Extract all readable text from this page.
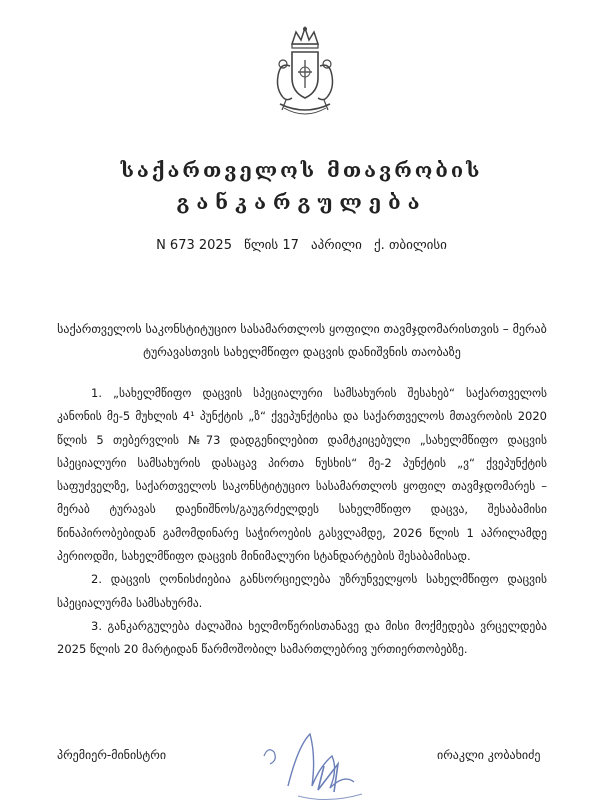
საქართველოს მთავრობის
განკარგულება
N 673 2025 წლის 17 აპრილი ქ. თბილისი
საქართველოს საკონსტიტუციო სასამართლოს ყოფილი თავმჯდომარისთვის – მერაბ ტურავასთვის სახელმწიფო დაცვის დანიშვნის თაობაზე

1. „სახელმწიფო დაცვის სპეციალური სამსახურის შესახებ“ საქართველოს კანონის მე-5 მუხლის 4¹ პუნქტის „ზ“ ქვეპუნქტისა და საქართველოს მთავრობის 2020 წლის 5 თებერვლის №73 დადგენილებით დამტკიცებული „სახელმწიფო დაცვის სპეციალური სამსახურის დასაცავ პირთა ნუსხის“ მე-2 პუნქტის „ვ“ ქვეპუნქტის საფუძველზე, საქართველოს საკონსტიტუციო სასამართლოს ყოფილ თავმჯდომარეს – მერაბ ტურავას დაენიშნოს/გაუგრძელდეს სახელმწიფო დაცვა, შესაბამისი წინაპირობებიდან გამომდინარე საჭიროების გასვლამდე, 2026 წლის 1 აპრილამდე პერიოდში, სახელმწიფო დაცვის მინიმალური სტანდარტების შესაბამისად.

2. დაცვის ღონისძიებია განსორციელება უზრუნველყოს სახელმწიფო დაცვის სპეციალურმა სამსახურმა.

3. განკარგულება ძალაშია ხელმოწერისთანავე და მისი მოქმედება ვრცელდება 2025 წლის 20 მარტიდან წარმოშობილ სამართლებრივ ურთიერთობებზე.

პრემიერ-მინისტრი	ირაკლი კობახიძე
